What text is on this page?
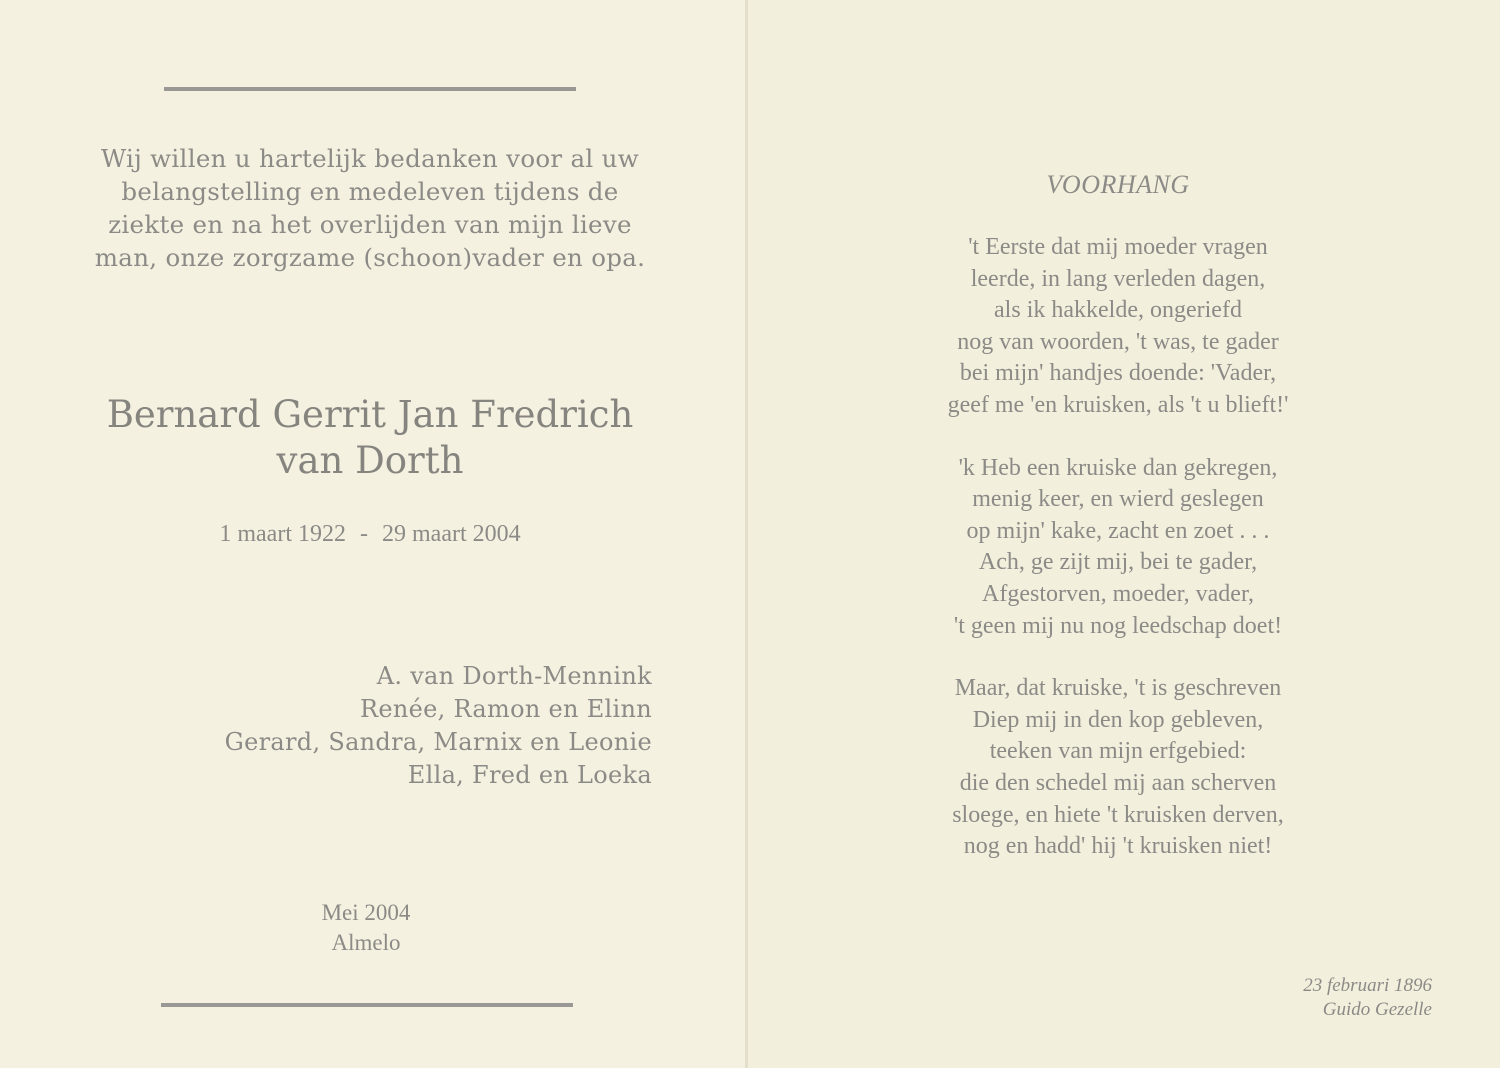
Wij willen u hartelijk bedanken voor al uw
belangstelling en medeleven tijdens de
ziekte en na het overlijden van mijn lieve
man, onze zorgzame (schoon)vader en opa.
Bernard Gerrit Jan Fredrich
van Dorth
1 maart 1922 - 29 maart 2004
A. van Dorth-Mennink
Renée, Ramon en Elinn
Gerard, Sandra, Marnix en Leonie
Ella, Fred en Loeka
Mei 2004
Almelo
VOORHANG
't Eerste dat mij moeder vragen
leerde, in lang verleden dagen,
als ik hakkelde, ongeriefd
nog van woorden, 't was, te gader
bei mijn' handjes doende: 'Vader,
geef me 'en kruisken, als 't u blieft!'
'k Heb een kruiske dan gekregen,
menig keer, en wierd geslegen
op mijn' kake, zacht en zoet . . .
Ach, ge zijt mij, bei te gader,
Afgestorven, moeder, vader,
't geen mij nu nog leedschap doet!
Maar, dat kruiske, 't is geschreven
Diep mij in den kop gebleven,
teeken van mijn erfgebied:
die den schedel mij aan scherven
sloege, en hiete 't kruisken derven,
nog en hadd' hij 't kruisken niet!
23 februari 1896
Guido Gezelle
